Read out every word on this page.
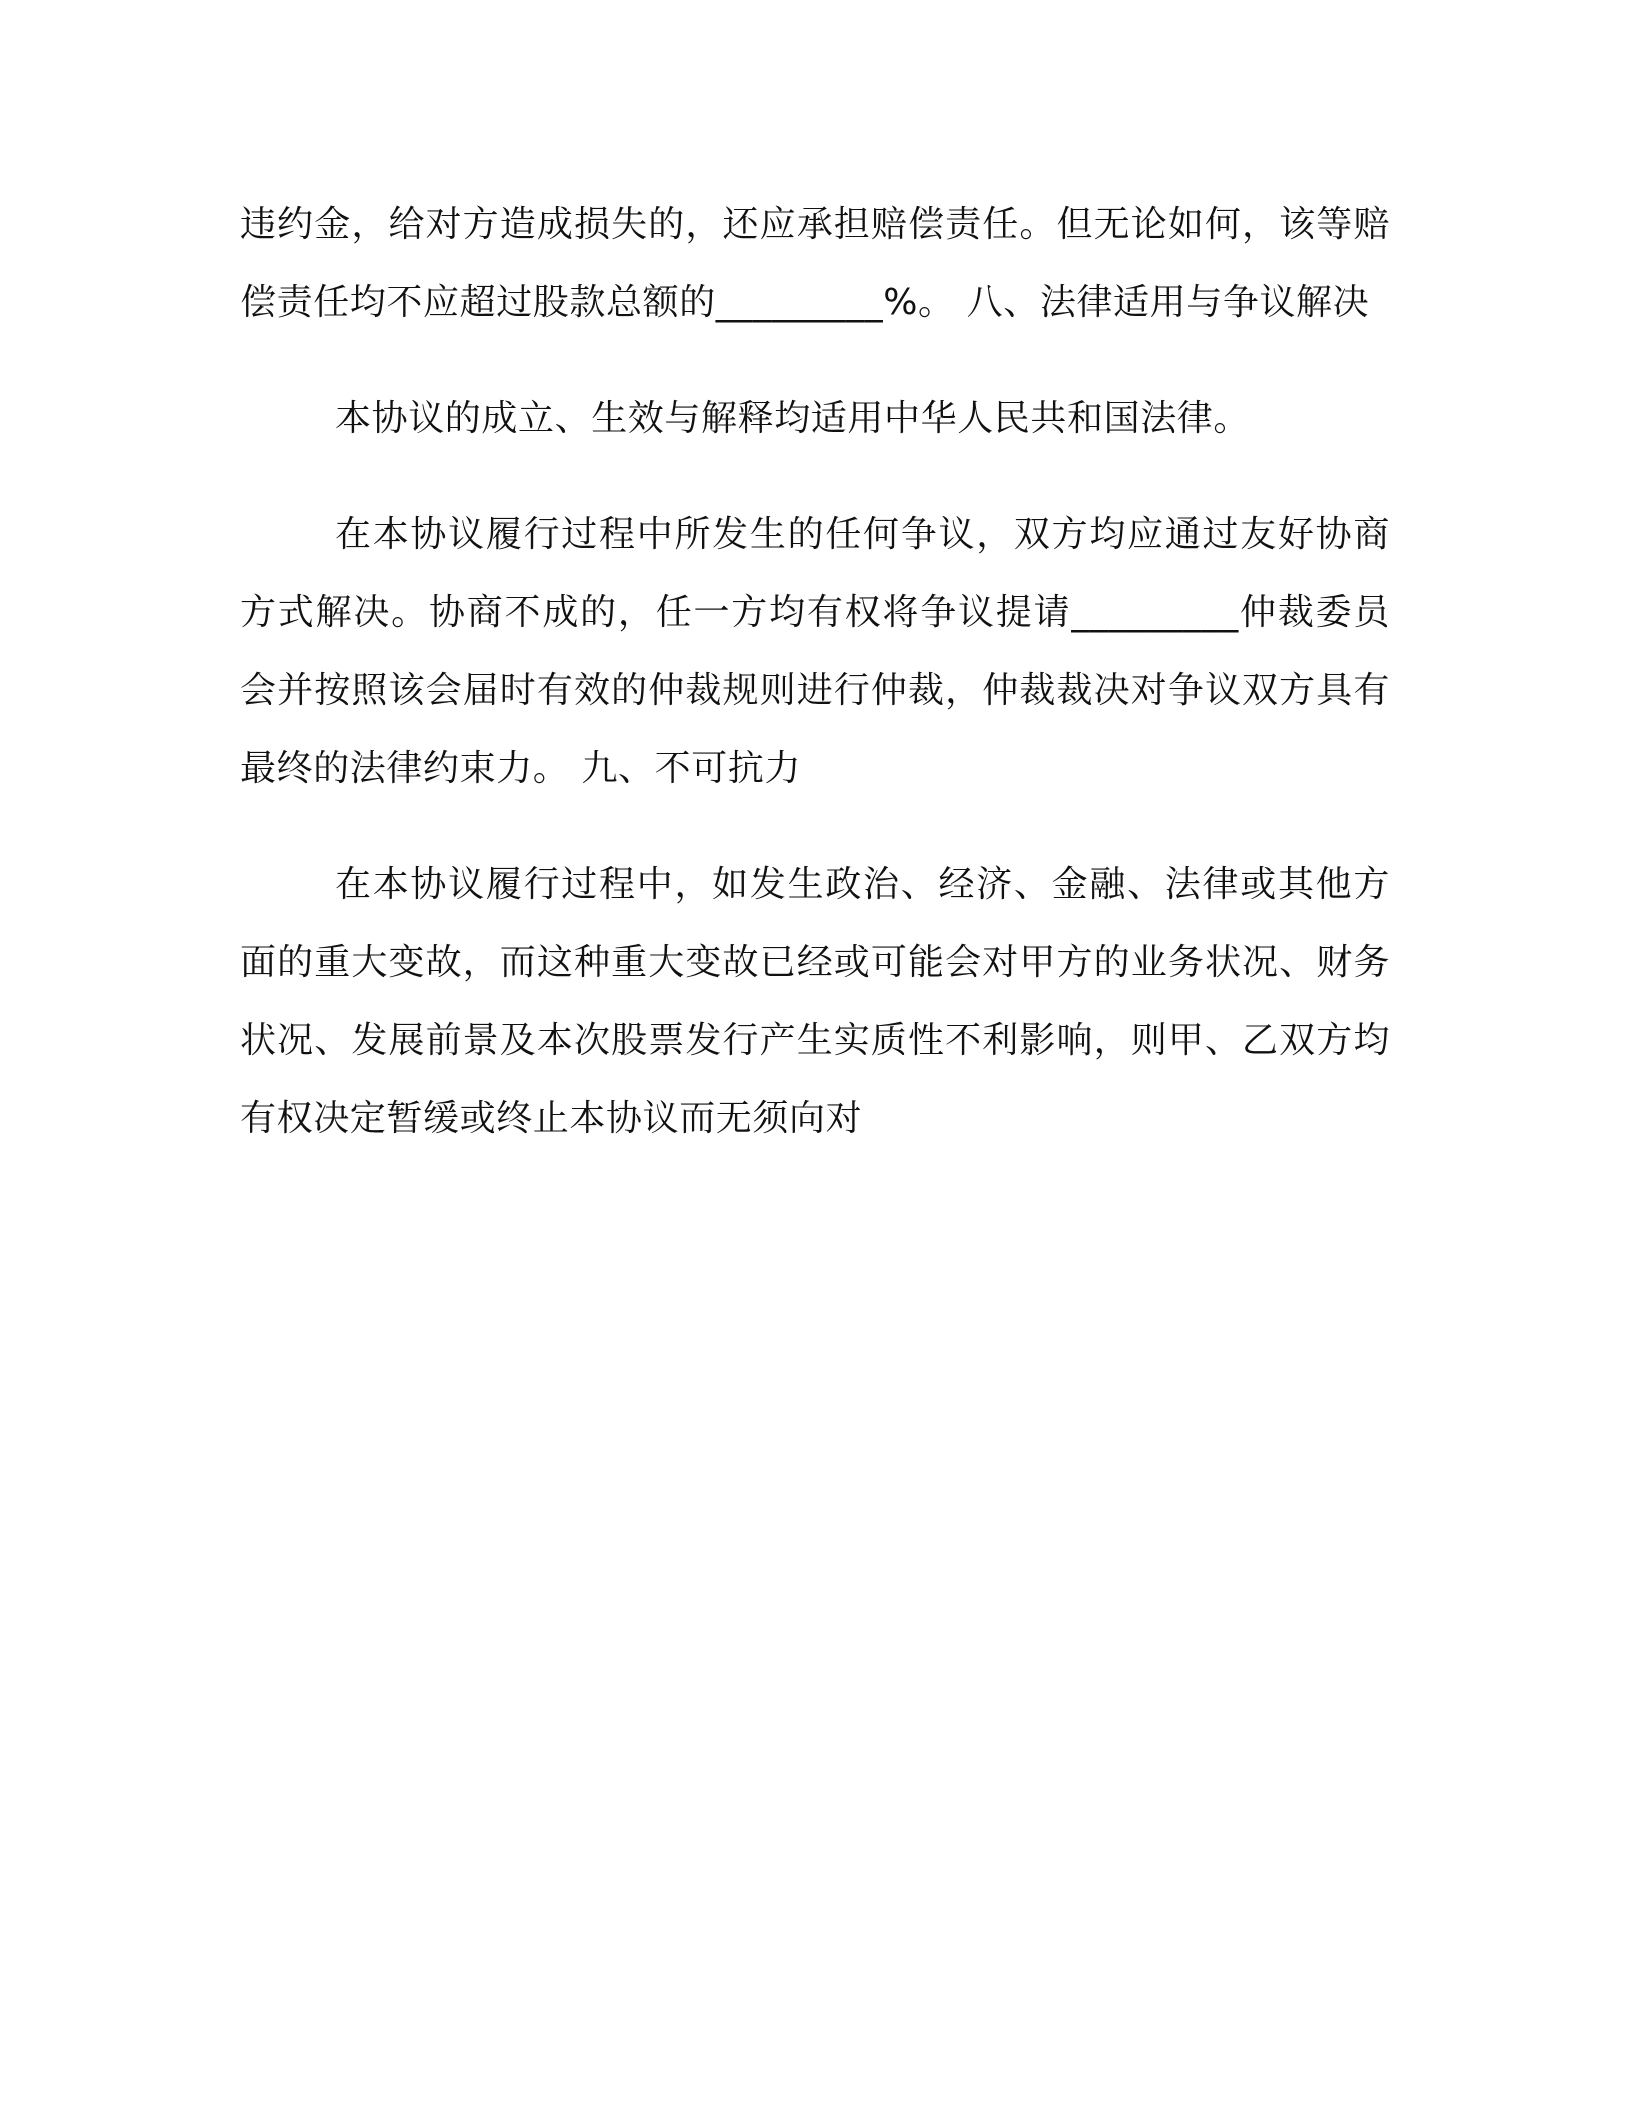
违约金，给对方造成损失的，还应承担赔偿责任。但无论如何，该等赔偿责任均不应超过股款总额的_________%。 八、法律适用与争议解决

本协议的成立、生效与解释均适用中华人民共和国法律。

在本协议履行过程中所发生的任何争议，双方均应通过友好协商方式解决。协商不成的，任一方均有权将争议提请_________仲裁委员会并按照该会届时有效的仲裁规则进行仲裁，仲裁裁决对争议双方具有最终的法律约束力。 九、不可抗力

在本协议履行过程中，如发生政治、经济、金融、法律或其他方面的重大变故，而这种重大变故已经或可能会对甲方的业务状况、财务状况、发展前景及本次股票发行产生实质性不利影响，则甲、乙双方均有权决定暂缓或终止本协议而无须向对
